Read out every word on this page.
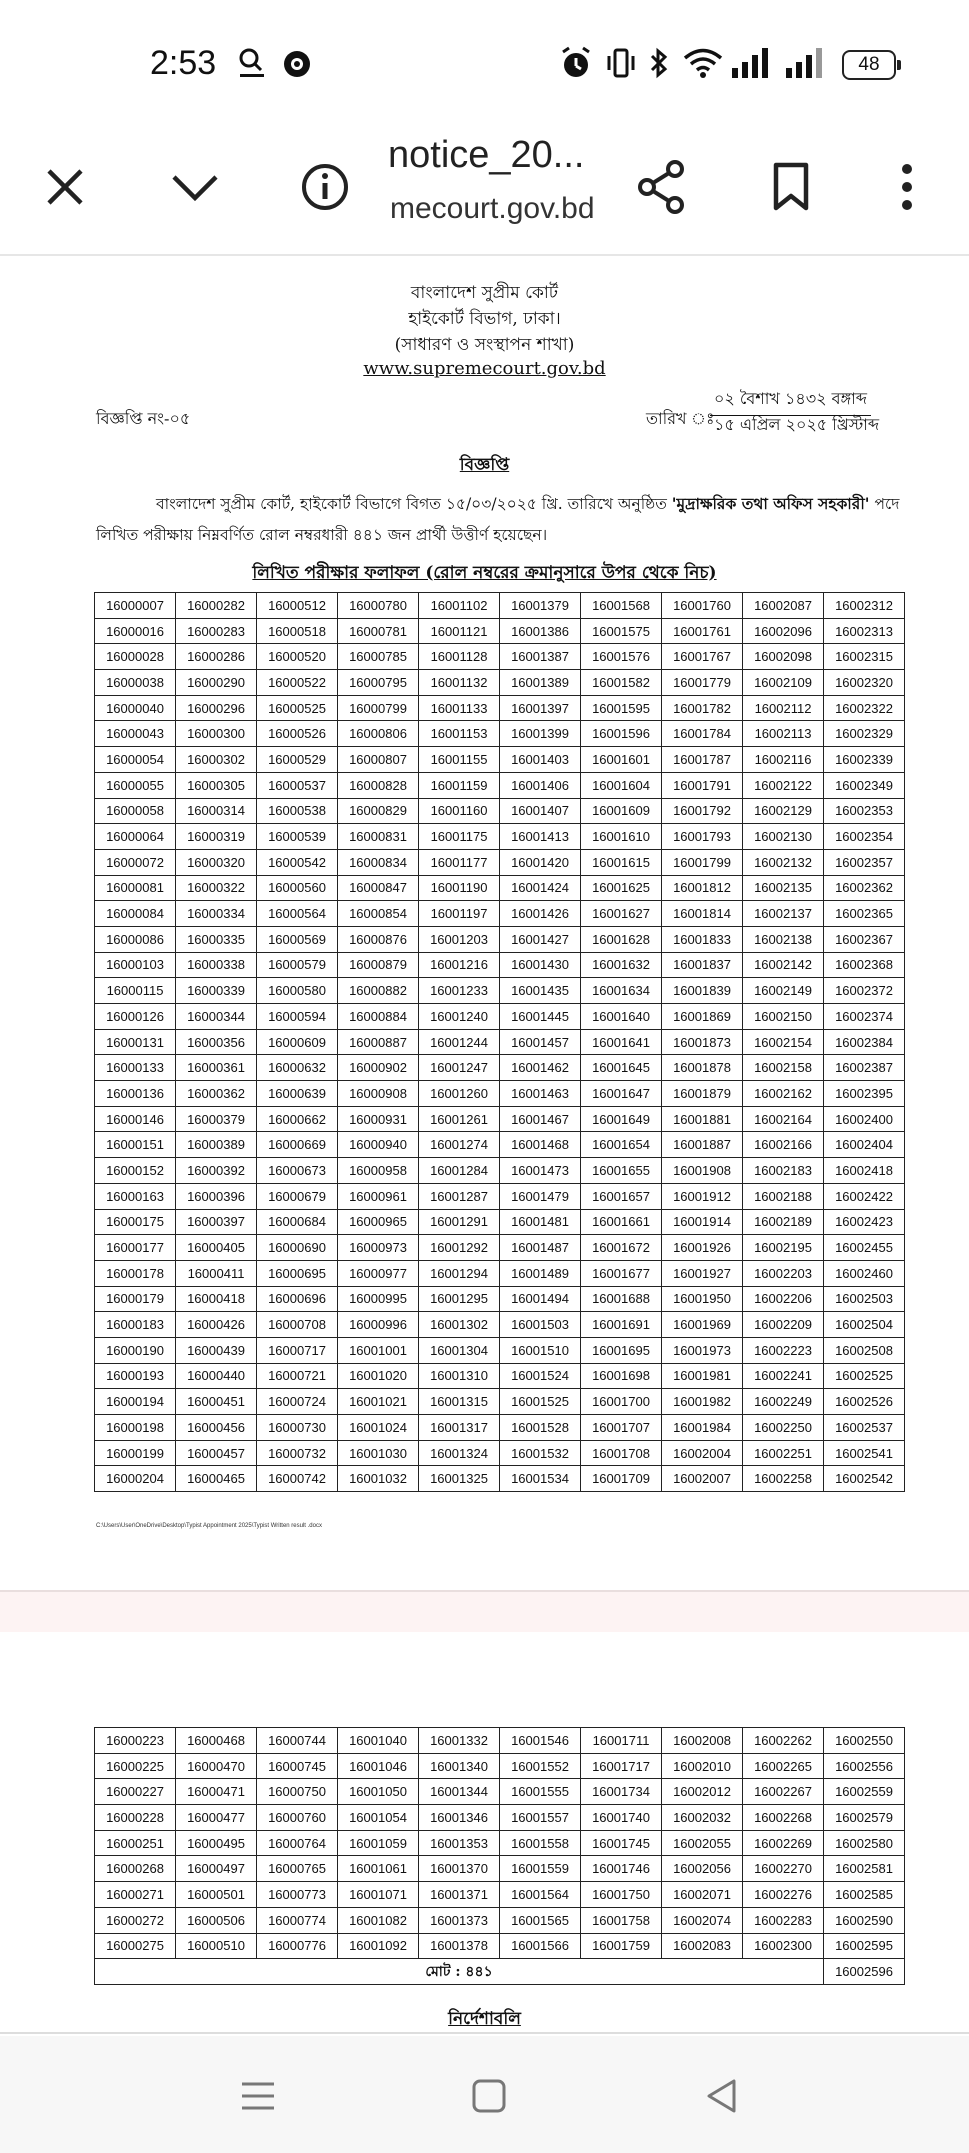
2:53	48
notice_20...
mecourt.gov.bd
বাংলাদেশ সুপ্রীম কোর্ট
হাইকোর্ট বিভাগ, ঢাকা।
(সাধারণ ও সংস্থাপন শাখা)
www.supremecourt.gov.bd
বিজ্ঞপ্তি নং-০৫	তারিখ ঃ
০২ বৈশাখ ১৪৩২ বঙ্গাব্দ
১৫ এপ্রিল ২০২৫ খ্রিস্টাব্দ
বিজ্ঞপ্তি
বাংলাদেশ সুপ্রীম কোর্ট, হাইকোর্ট বিভাগে বিগত ১৫/০৩/২০২৫ খ্রি. তারিখে অনুষ্ঠিত 'মুদ্রাক্ষরিক তথা অফিস সহকারী' পদে লিখিত পরীক্ষায় নিম্নবর্ণিত রোল নম্বরধারী ৪৪১ জন প্রার্থী উত্তীর্ণ হয়েছেন।
লিখিত পরীক্ষার ফলাফল (রোল নম্বরের ক্রমানুসারে উপর থেকে নিচ)
16000007	16000282	16000512	16000780	16001102	16001379	16001568	16001760	16002087	16002312
16000016	16000283	16000518	16000781	16001121	16001386	16001575	16001761	16002096	16002313
16000028	16000286	16000520	16000785	16001128	16001387	16001576	16001767	16002098	16002315
16000038	16000290	16000522	16000795	16001132	16001389	16001582	16001779	16002109	16002320
16000040	16000296	16000525	16000799	16001133	16001397	16001595	16001782	16002112	16002322
16000043	16000300	16000526	16000806	16001153	16001399	16001596	16001784	16002113	16002329
16000054	16000302	16000529	16000807	16001155	16001403	16001601	16001787	16002116	16002339
16000055	16000305	16000537	16000828	16001159	16001406	16001604	16001791	16002122	16002349
16000058	16000314	16000538	16000829	16001160	16001407	16001609	16001792	16002129	16002353
16000064	16000319	16000539	16000831	16001175	16001413	16001610	16001793	16002130	16002354
16000072	16000320	16000542	16000834	16001177	16001420	16001615	16001799	16002132	16002357
16000081	16000322	16000560	16000847	16001190	16001424	16001625	16001812	16002135	16002362
16000084	16000334	16000564	16000854	16001197	16001426	16001627	16001814	16002137	16002365
16000086	16000335	16000569	16000876	16001203	16001427	16001628	16001833	16002138	16002367
16000103	16000338	16000579	16000879	16001216	16001430	16001632	16001837	16002142	16002368
16000115	16000339	16000580	16000882	16001233	16001435	16001634	16001839	16002149	16002372
16000126	16000344	16000594	16000884	16001240	16001445	16001640	16001869	16002150	16002374
16000131	16000356	16000609	16000887	16001244	16001457	16001641	16001873	16002154	16002384
16000133	16000361	16000632	16000902	16001247	16001462	16001645	16001878	16002158	16002387
16000136	16000362	16000639	16000908	16001260	16001463	16001647	16001879	16002162	16002395
16000146	16000379	16000662	16000931	16001261	16001467	16001649	16001881	16002164	16002400
16000151	16000389	16000669	16000940	16001274	16001468	16001654	16001887	16002166	16002404
16000152	16000392	16000673	16000958	16001284	16001473	16001655	16001908	16002183	16002418
16000163	16000396	16000679	16000961	16001287	16001479	16001657	16001912	16002188	16002422
16000175	16000397	16000684	16000965	16001291	16001481	16001661	16001914	16002189	16002423
16000177	16000405	16000690	16000973	16001292	16001487	16001672	16001926	16002195	16002455
16000178	16000411	16000695	16000977	16001294	16001489	16001677	16001927	16002203	16002460
16000179	16000418	16000696	16000995	16001295	16001494	16001688	16001950	16002206	16002503
16000183	16000426	16000708	16000996	16001302	16001503	16001691	16001969	16002209	16002504
16000190	16000439	16000717	16001001	16001304	16001510	16001695	16001973	16002223	16002508
16000193	16000440	16000721	16001020	16001310	16001524	16001698	16001981	16002241	16002525
16000194	16000451	16000724	16001021	16001315	16001525	16001700	16001982	16002249	16002526
16000198	16000456	16000730	16001024	16001317	16001528	16001707	16001984	16002250	16002537
16000199	16000457	16000732	16001030	16001324	16001532	16001708	16002004	16002251	16002541
16000204	16000465	16000742	16001032	16001325	16001534	16001709	16002007	16002258	16002542
C:\Users\User\OneDrive\Desktop\Typist Appointment 2025\Typist Written result .docx
16000223	16000468	16000744	16001040	16001332	16001546	16001711	16002008	16002262	16002550
16000225	16000470	16000745	16001046	16001340	16001552	16001717	16002010	16002265	16002556
16000227	16000471	16000750	16001050	16001344	16001555	16001734	16002012	16002267	16002559
16000228	16000477	16000760	16001054	16001346	16001557	16001740	16002032	16002268	16002579
16000251	16000495	16000764	16001059	16001353	16001558	16001745	16002055	16002269	16002580
16000268	16000497	16000765	16001061	16001370	16001559	16001746	16002056	16002270	16002581
16000271	16000501	16000773	16001071	16001371	16001564	16001750	16002071	16002276	16002585
16000272	16000506	16000774	16001082	16001373	16001565	16001758	16002074	16002283	16002590
16000275	16000510	16000776	16001092	16001378	16001566	16001759	16002083	16002300	16002595
মোট : ৪৪১									16002596
নির্দেশাবলি
